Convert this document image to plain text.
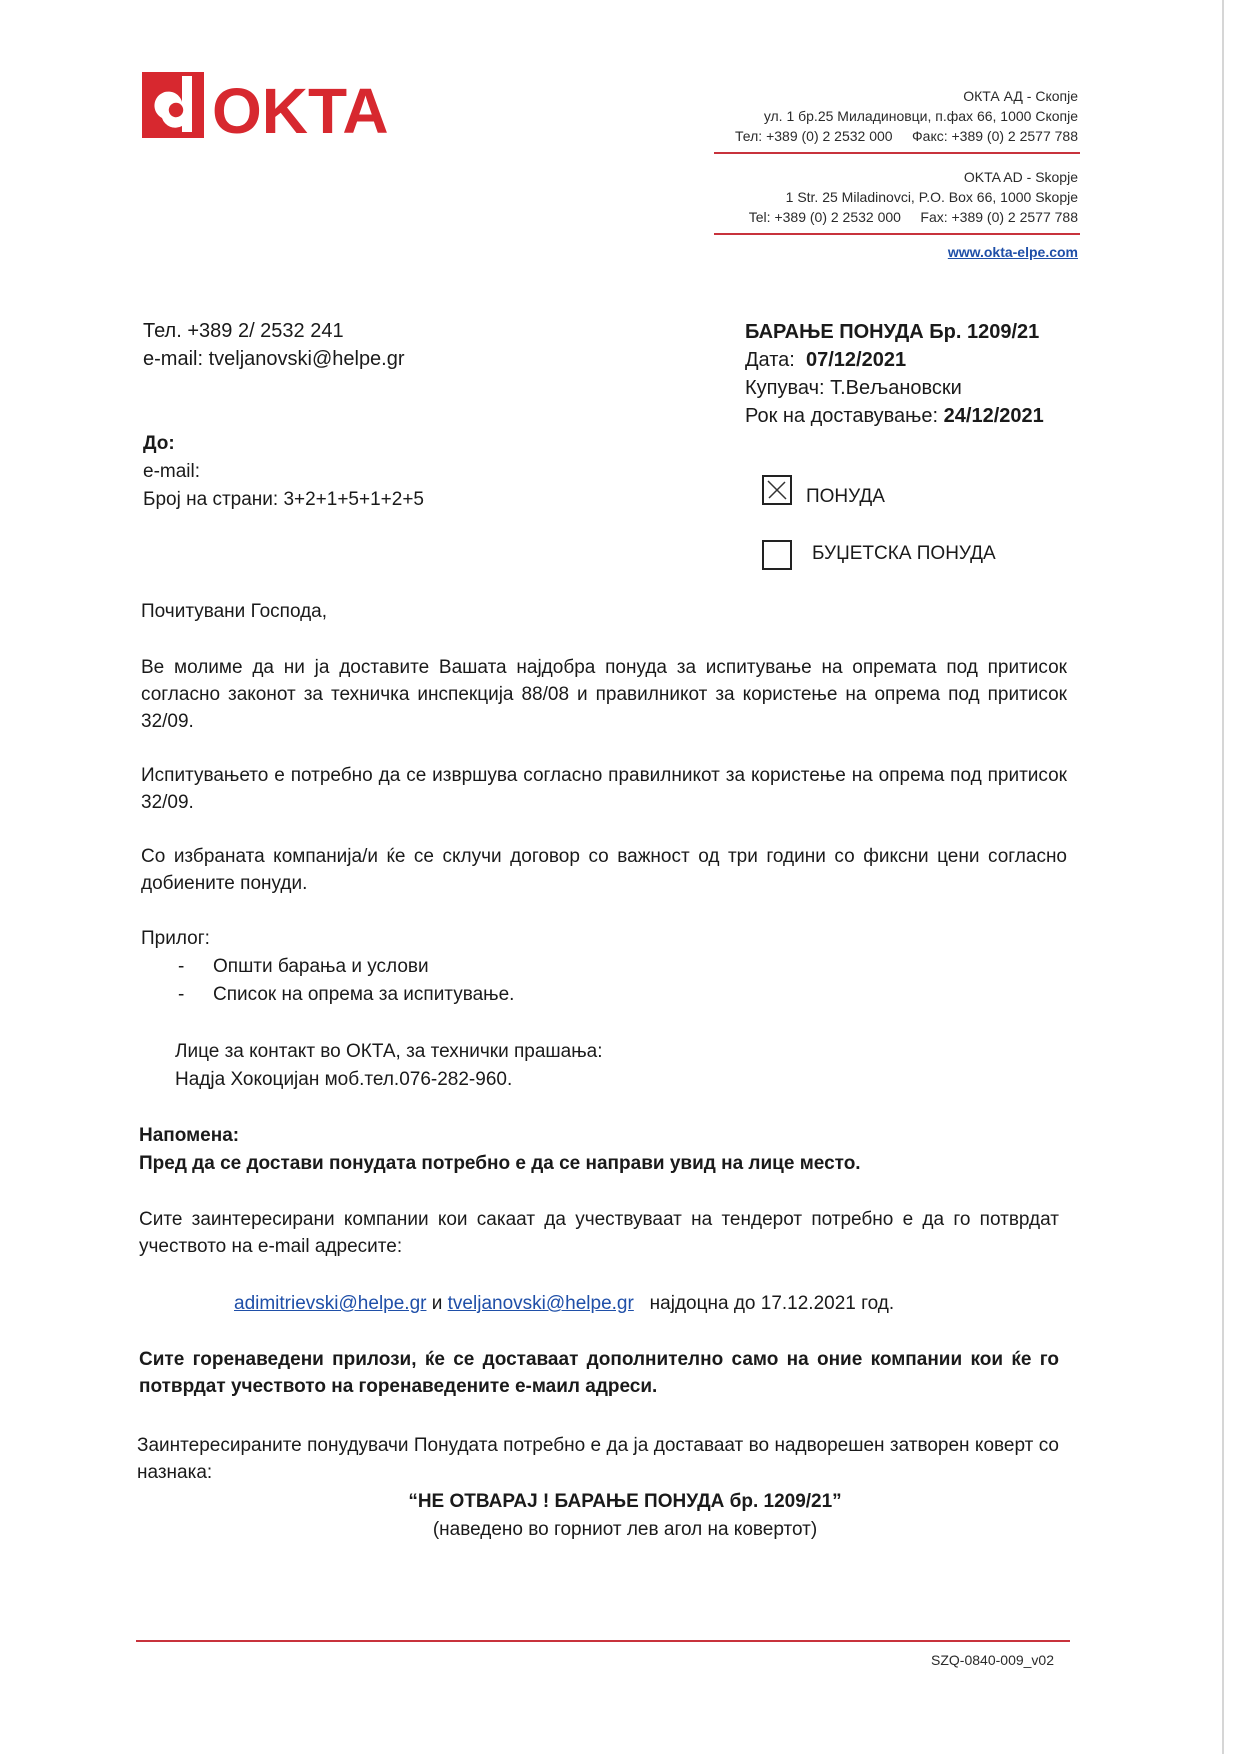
OKTA	ОКТА АД - Скопје
ул. 1 бр.25 Миладиновци, п.фах 66, 1000 Скопје
Тел: +389 (0) 2 2532 000 Факс: +389 (0) 2 2577 788
OKTA AD - Skopje
1 Str. 25 Miladinovci, P.O. Box 66, 1000 Skopje
Tel: +389 (0) 2 2532 000 Fax: +389 (0) 2 2577 788
www.okta-elpe.com
Тел. +389 2/ 2532 241
e-mail: tveljanovski@helpe.gr
БАРАЊЕ ПОНУДА Бр. 1209/21
Дата: 07/12/2021
Купувач: Т.Вељановски
Рок на доставување: 24/12/2021
До:
e-mail:
Број на страни: 3+2+1+5+1+2+5	ПОНУДА
БУЏЕТСКА ПОНУДА
Почитувани Господа,
Ве молиме да ни ја доставите Вашата најдобра понуда за испитување на опремата под притисок согласно законот за техничка инспекција 88/08 и правилникот за користење на опрема под притисок 32/09.
Испитувањето е потребно да се извршува согласно правилникот за користење на опрема под притисок 32/09.
Со избраната компанија/и ќе се склучи договор со важност од три години со фиксни цени согласно добиените понуди.
Прилог:
- Општи барања и услови
- Список на опрема за испитување.
Лице за контакт во ОКТА, за технички прашања:
Надја Хокоцијан моб.тел.076-282-960.
Напомена:
Пред да се достави понудата потребно е да се направи увид на лице место.
Сите заинтересирани компании кои сакаат да учествуваат на тендерот потребно е да го потврдат учеството на e-mail адресите:
adimitrievski@helpe.gr и tveljanovski@helpe.gr најдоцна до 17.12.2021 год.
Сите горенаведени прилози, ќе се доставаат дополнително само на оние компании кои ќе го потврдат учеството на горенаведените е-маил адреси.
Заинтересираните понудувачи Понудата потребно е да ја доставаат во надворешен затворен коверт со назнака:
“НЕ ОТВАРАЈ ! БАРАЊЕ ПОНУДА бр. 1209/21”
(наведено во горниот лев агол на ковертот)
SZQ-0840-009_v02
